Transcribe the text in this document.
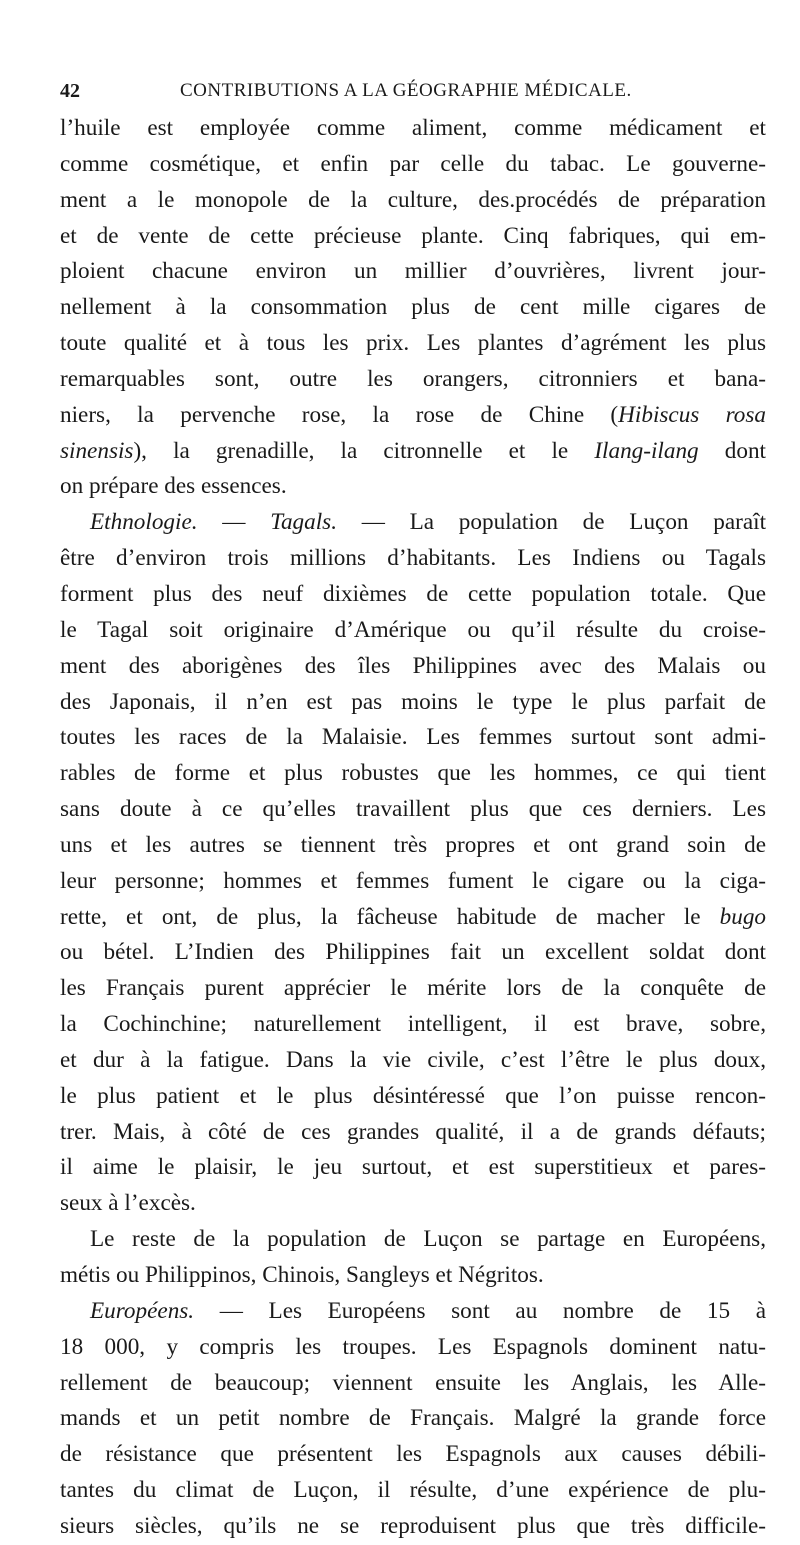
42	CONTRIBUTIONS A LA GÉOGRAPHIE MÉDICALE.
l’huile est employée comme aliment, comme médicament et
comme cosmétique, et enfin par celle du tabac. Le gouverne-
ment a le monopole de la culture, des.procédés de préparation
et de vente de cette précieuse plante. Cinq fabriques, qui em-
ploient chacune environ un millier d’ouvrières, livrent jour-
nellement à la consommation plus de cent mille cigares de
toute qualité et à tous les prix. Les plantes d’agrément les plus
remarquables sont, outre les orangers, citronniers et bana-
niers, la pervenche rose, la rose de Chine (Hibiscus rosa
sinensis), la grenadille, la citronnelle et le Ilang-ilang dont
on prépare des essences.
Ethnologie. — Tagals. — La population de Luçon paraît
être d’environ trois millions d’habitants. Les Indiens ou Tagals
forment plus des neuf dixièmes de cette population totale. Que
le Tagal soit originaire d’Amérique ou qu’il résulte du croise-
ment des aborigènes des îles Philippines avec des Malais ou
des Japonais, il n’en est pas moins le type le plus parfait de
toutes les races de la Malaisie. Les femmes surtout sont admi-
rables de forme et plus robustes que les hommes, ce qui tient
sans doute à ce qu’elles travaillent plus que ces derniers. Les
uns et les autres se tiennent très propres et ont grand soin de
leur personne; hommes et femmes fument le cigare ou la ciga-
rette, et ont, de plus, la fâcheuse habitude de macher le bugo
ou bétel. L’Indien des Philippines fait un excellent soldat dont
les Français purent apprécier le mérite lors de la conquête de
la Cochinchine; naturellement intelligent, il est brave, sobre,
et dur à la fatigue. Dans la vie civile, c’est l’être le plus doux,
le plus patient et le plus désintéressé que l’on puisse rencon-
trer. Mais, à côté de ces grandes qualité, il a de grands défauts;
il aime le plaisir, le jeu surtout, et est superstitieux et pares-
seux à l’excès.
Le reste de la population de Luçon se partage en Européens,
métis ou Philippinos, Chinois, Sangleys et Négritos.
Européens. — Les Européens sont au nombre de 15 à
18 000, y compris les troupes. Les Espagnols dominent natu-
rellement de beaucoup; viennent ensuite les Anglais, les Alle-
mands et un petit nombre de Français. Malgré la grande force
de résistance que présentent les Espagnols aux causes débili-
tantes du climat de Luçon, il résulte, d’une expérience de plu-
sieurs siècles, qu’ils ne se reproduisent plus que très difficile-
